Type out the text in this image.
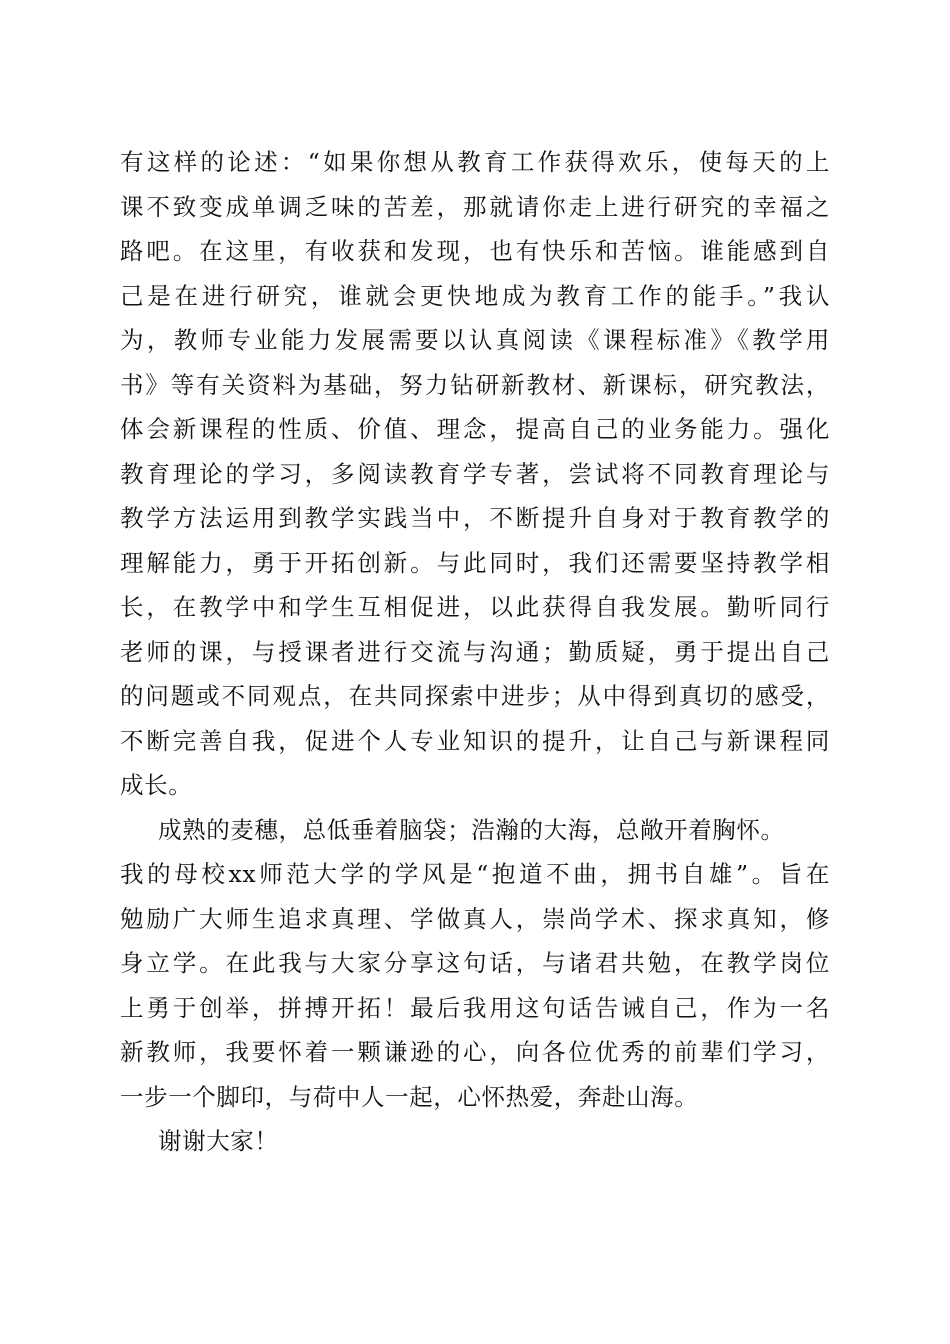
有这样的论述：“如果你想从教育工作获得欢乐，使每天的上
课不致变成单调乏味的苦差，那就请你走上进行研究的幸福之
路吧。在这里，有收获和发现，也有快乐和苦恼。谁能感到自
己是在进行研究，谁就会更快地成为教育工作的能手。”我认
为，教师专业能力发展需要以认真阅读《课程标准》《教学用
书》等有关资料为基础，努力钻研新教材、新课标，研究教法，
体会新课程的性质、价值、理念，提高自己的业务能力。强化
教育理论的学习，多阅读教育学专著，尝试将不同教育理论与
教学方法运用到教学实践当中，不断提升自身对于教育教学的
理解能力，勇于开拓创新。与此同时，我们还需要坚持教学相
长，在教学中和学生互相促进，以此获得自我发展。勤听同行
老师的课，与授课者进行交流与沟通；勤质疑，勇于提出自己
的问题或不同观点，在共同探索中进步；从中得到真切的感受，
不断完善自我，促进个人专业知识的提升，让自己与新课程同
成长。
成熟的麦穗，总低垂着脑袋；浩瀚的大海，总敞开着胸怀。
我的母校xx师范大学的学风是“抱道不曲，拥书自雄”。旨在
勉励广大师生追求真理、学做真人，崇尚学术、探求真知，修
身立学。在此我与大家分享这句话，与诸君共勉，在教学岗位
上勇于创举，拼搏开拓！最后我用这句话告诫自己，作为一名
新教师，我要怀着一颗谦逊的心，向各位优秀的前辈们学习，
一步一个脚印，与荷中人一起，心怀热爱，奔赴山海。
谢谢大家！
